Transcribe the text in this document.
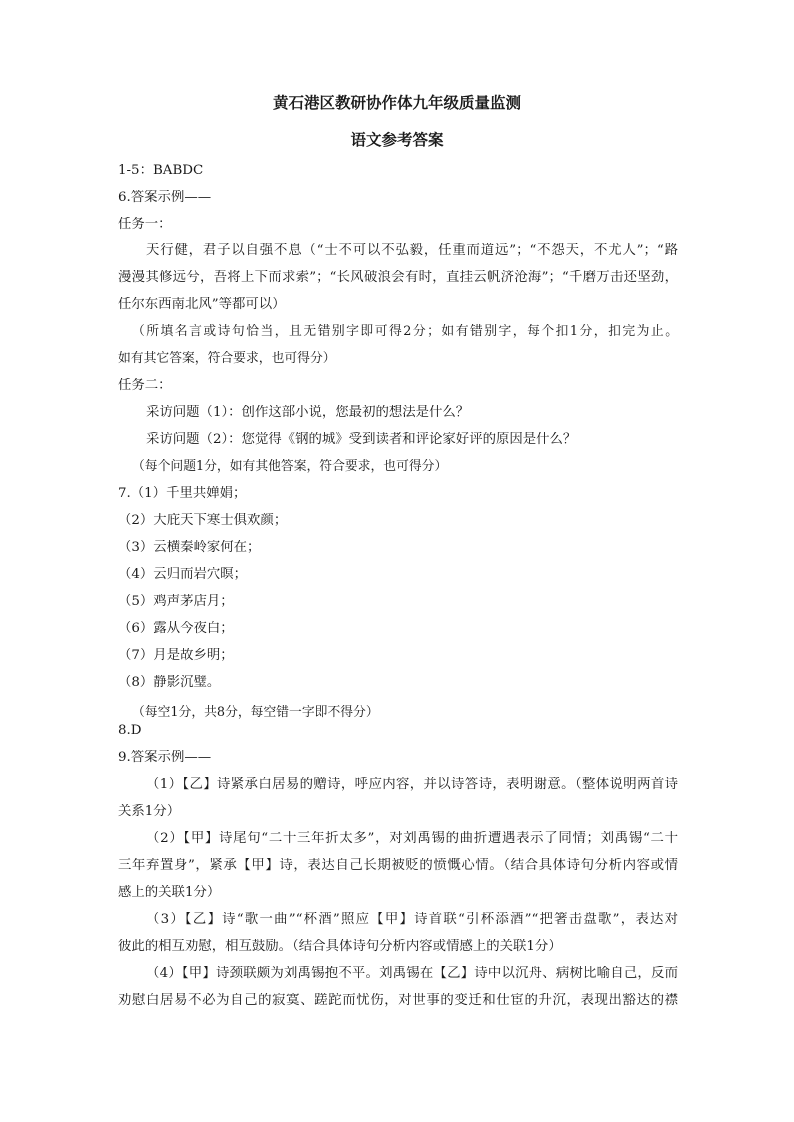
黄石港区教研协作体九年级质量监测
语文参考答案
1-5：BABDC
6.答案示例——
任务一：
天行健，君子以自强不息（“士不可以不弘毅，任重而道远”；“不怨天，不尤人”；“路
漫漫其修远兮，吾将上下而求索”；“长风破浪会有时，直挂云帆济沧海”；“千磨万击还坚劲，
任尔东西南北风”等都可以）
（所填名言或诗句恰当，且无错别字即可得2分；如有错别字，每个扣1分，扣完为止。
如有其它答案，符合要求，也可得分）
任务二：
采访问题（1）：创作这部小说，您最初的想法是什么？
采访问题（2）：您觉得《钢的城》受到读者和评论家好评的原因是什么？
（每个问题1分，如有其他答案，符合要求，也可得分）
7.（1）千里共婵娟；
（2）大庇天下寒士俱欢颜；
（3）云横秦岭家何在；
（4）云归而岩穴暝；
（5）鸡声茅店月；
（6）露从今夜白；
（7）月是故乡明；
（8）静影沉璧。
（每空1分，共8分，每空错一字即不得分）
8.D
9.答案示例——
（1）【乙】诗紧承白居易的赠诗，呼应内容，并以诗答诗，表明谢意。（整体说明两首诗
关系1分）
（2）【甲】诗尾句“二十三年折太多”，对刘禹锡的曲折遭遇表示了同情；刘禹锡“二十
三年弃置身”，紧承【甲】诗，表达自己长期被贬的愤慨心情。（结合具体诗句分析内容或情
感上的关联1分）
（3）【乙】诗“歌一曲”“杯酒”照应【甲】诗首联“引杯添酒”“把箸击盘歌”，表达对
彼此的相互劝慰，相互鼓励。（结合具体诗句分析内容或情感上的关联1分）
（4）【甲】诗颈联颇为刘禹锡抱不平。刘禹锡在【乙】诗中以沉舟、病树比喻自己，反而
劝慰白居易不必为自己的寂寞、蹉跎而忧伤，对世事的变迁和仕宦的升沉，表现出豁达的襟
